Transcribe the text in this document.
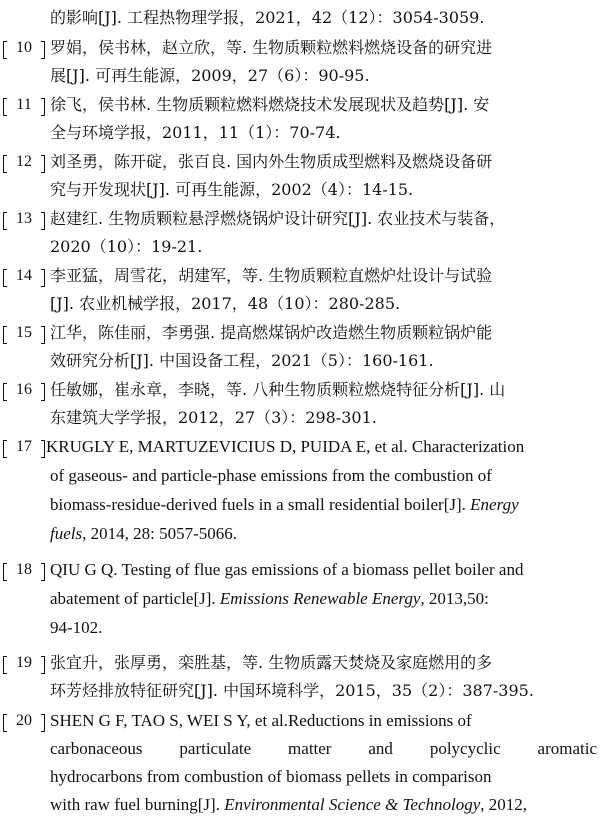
的影响[J]. 工程热物理学报，2021，42（12）：3054-3059.
10	罗娟，侯书林，赵立欣，等. 生物质颗粒燃料燃烧设备的研究进
展[J]. 可再生能源，2009，27（6）：90-95.
11	徐飞，侯书林. 生物质颗粒燃料燃烧技术发展现状及趋势[J]. 安
全与环境学报，2011，11（1）：70-74.
12	刘圣勇，陈开碇，张百良. 国内外生物质成型燃料及燃烧设备研
究与开发现状[J]. 可再生能源，2002（4）：14-15.
13	赵建红. 生物质颗粒悬浮燃烧锅炉设计研究[J]. 农业技术与装备，
2020（10）：19-21.
14	李亚猛，周雪花，胡建军，等. 生物质颗粒直燃炉灶设计与试验
[J]. 农业机械学报，2017，48（10）：280-285.
15	江华，陈佳丽，李勇强. 提高燃煤锅炉改造燃生物质颗粒锅炉能
效研究分析[J]. 中国设备工程，2021（5）：160-161.
16	任敏娜，崔永章，李晓，等. 八种生物质颗粒燃烧特征分析[J]. 山
东建筑大学学报，2012，27（3）：298-301.
17 KRUGLY E, MARTUZEVICIUS D, PUIDA E, et al. Characterization
of gaseous- and particle-phase emissions from the combustion of
biomass-residue-derived fuels in a small residential boiler[J]. Energy
fuels, 2014, 28: 5057-5066.
18	QIU G Q. Testing of flue gas emissions of a biomass pellet boiler and
abatement of particle[J]. Emissions Renewable Energy, 2013,50:
94-102.
19	张宜升，张厚勇，栾胜基，等. 生物质露天焚烧及家庭燃用的多
环芳烃排放特征研究[J]. 中国环境科学，2015，35（2）：387-395.
20	SHEN G F, TAO S, WEI S Y, et al.Reductions in emissions of
carbonaceous particulate matter and polycyclic aromatic
hydrocarbons from combustion of biomass pellets in comparison
with raw fuel burning[J]. Environmental Science & Technology, 2012,
